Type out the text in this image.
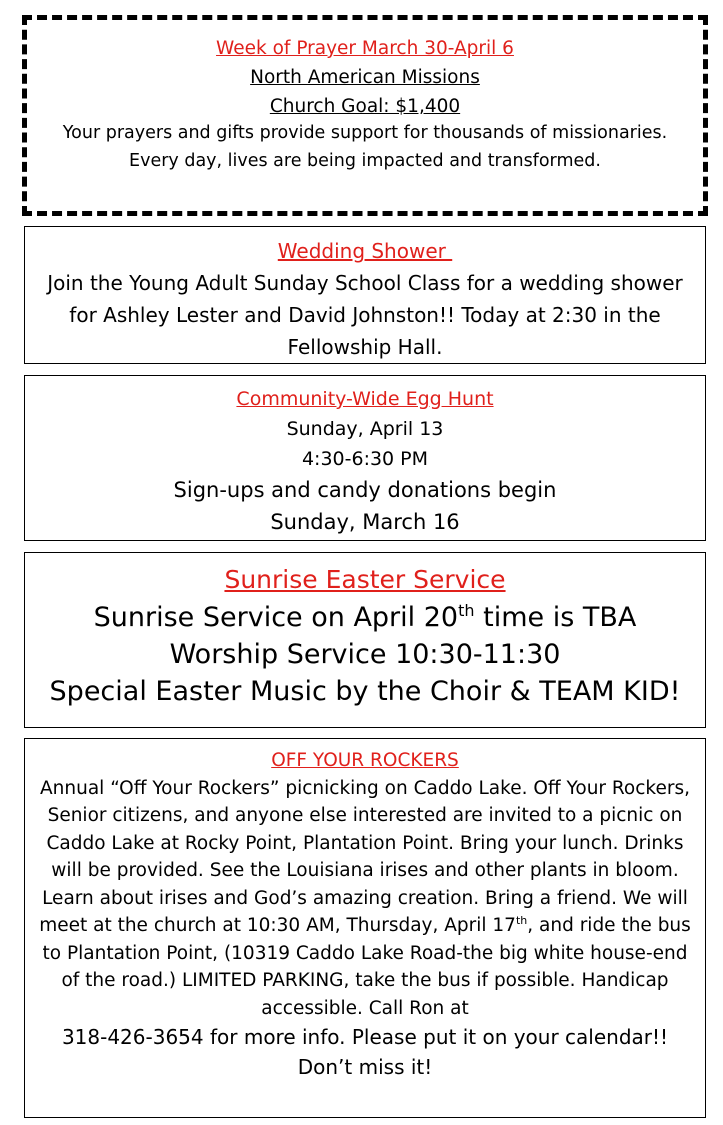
Week of Prayer March 30-April 6

North American Missions

Church Goal: $1,400

Your prayers and gifts provide support for thousands of missionaries. Every day, lives are being impacted and transformed.

Wedding Shower

Join the Young Adult Sunday School Class for a wedding shower for Ashley Lester and David Johnston!! Today at 2:30 in the Fellowship Hall.

Community-Wide Egg Hunt

Sunday, April 13

4:30-6:30 PM

Sign-ups and candy donations begin

Sunday, March 16

Sunrise Easter Service

Sunrise Service on April 20th time is TBA

Worship Service 10:30-11:30

Special Easter Music by the Choir & TEAM KID!

OFF YOUR ROCKERS

Annual “Off Your Rockers” picnicking on Caddo Lake. Off Your Rockers, Senior citizens, and anyone else interested are invited to a picnic on Caddo Lake at Rocky Point, Plantation Point. Bring your lunch. Drinks will be provided. See the Louisiana irises and other plants in bloom. Learn about irises and God’s amazing creation. Bring a friend. We will meet at the church at 10:30 AM, Thursday, April 17th, and ride the bus to Plantation Point, (10319 Caddo Lake Road-the big white house-end of the road.) LIMITED PARKING, take the bus if possible. Handicap accessible. Call Ron at

318-426-3654 for more info. Please put it on your calendar!! Don’t miss it!
